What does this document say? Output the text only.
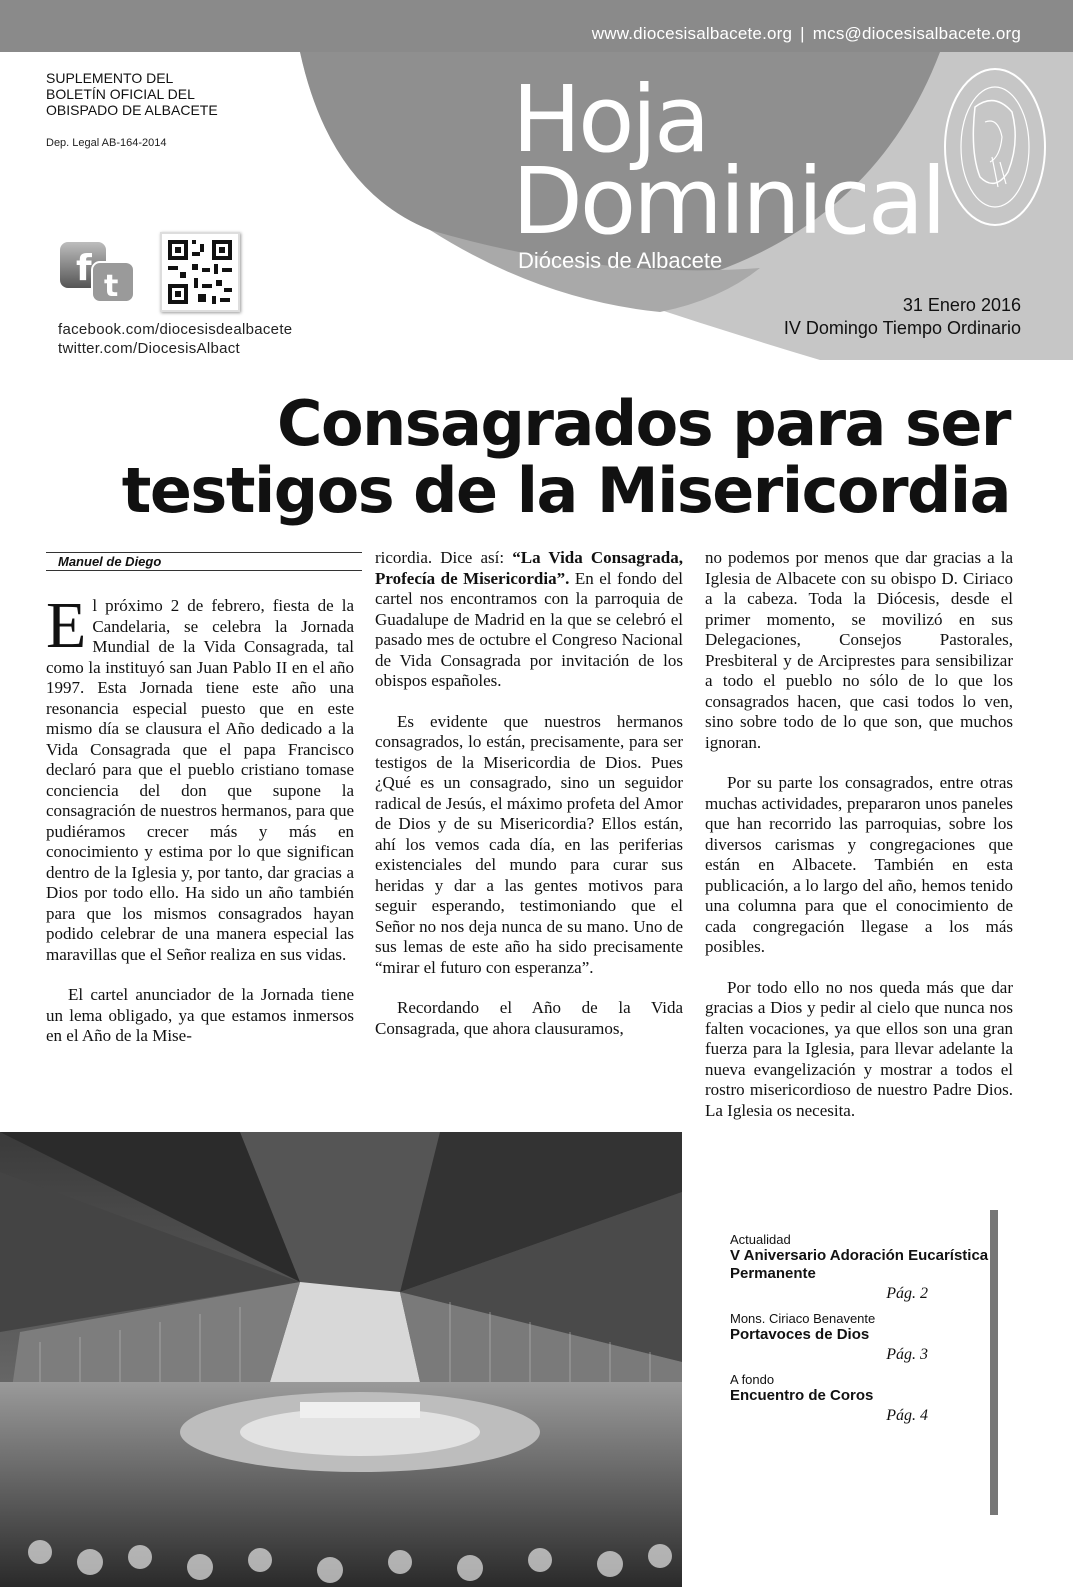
www.diocesisalbacete.org | mcs@diocesisalbacete.org
SUPLEMENTO DEL
BOLETÍN OFICIAL DEL
OBISPADO DE ALBACETE
Dep. Legal AB-164-2014	Hoja
Dominical
Diócesis de Albacete
31 Enero 2016
IV Domingo Tiempo Ordinario
f t
facebook.com/diocesisdealbacete
twitter.com/DiocesisAlbact
Consagrados para ser
testigos de la Misericordia
Manuel de Diego

El próximo 2 de febrero, fiesta de la Candelaria, se celebra la Jornada Mundial de la Vida Consagrada, tal como la instituyó san Juan Pablo II en el año 1997. Esta Jornada tiene este año una resonancia especial puesto que en este mismo día se clausura el Año dedicado a la Vida Consagrada que el papa Francisco declaró para que el pueblo cristiano tomase conciencia del don que supone la consagración de nuestros hermanos, para que pudiéramos crecer más y más en conocimiento y estima por lo que significan dentro de la Iglesia y, por tanto, dar gracias a Dios por todo ello. Ha sido un año también para que los mismos consagrados hayan podido celebrar de una manera especial las maravillas que el Señor realiza en sus vidas.

El cartel anunciador de la Jornada tiene un lema obligado, ya que estamos inmersos en el Año de la Mise-

ricordia. Dice así: “La Vida Consagrada, Profecía de Misericordia”. En el fondo del cartel nos encontramos con la parroquia de Guadalupe de Madrid en la que se celebró el pasado mes de octubre el Congreso Nacional de Vida Consagrada por invitación de los obispos españoles.

Es evidente que nuestros hermanos consagrados, lo están, precisamente, para ser testigos de la Misericordia de Dios. Pues ¿Qué es un consagrado, sino un seguidor radical de Jesús, el máximo profeta del Amor de Dios y de su Misericordia? Ellos están, ahí los vemos cada día, en las periferias existenciales del mundo para curar sus heridas y dar a las gentes motivos para seguir esperando, testimoniando que el Señor no nos deja nunca de su mano. Uno de sus lemas de este año ha sido precisamente “mirar el futuro con esperanza”.

Recordando el Año de la Vida Consagrada, que ahora clausuramos,

no podemos por menos que dar gracias a la Iglesia de Albacete con su obispo D. Ciriaco a la cabeza. Toda la Diócesis, desde el primer momento, se movilizó en sus Delegaciones, Consejos Pastorales, Presbiteral y de Arciprestes para sensibilizar a todo el pueblo no sólo de lo que los consagrados hacen, que casi todos lo ven, sino sobre todo de lo que son, que muchos ignoran.

Por su parte los consagrados, entre otras muchas actividades, prepararon unos paneles que han recorrido las parroquias, sobre los diversos carismas y congregaciones que están en Albacete. También en esta publicación, a lo largo del año, hemos tenido una columna para que el conocimiento de cada congregación llegase a los más posibles.

Por todo ello no nos queda más que dar gracias a Dios y pedir al cielo que nunca nos falten vocaciones, ya que ellos son una gran fuerza para la Iglesia, para llevar adelante la nueva evangelización y mostrar a todos el rostro misericordioso de nuestro Padre Dios. La Iglesia os necesita.

Actualidad
V Aniversario Adoración Eucarística Permanente
Pág. 2
Mons. Ciriaco Benavente
Portavoces de Dios
Pág. 3
A fondo
Encuentro de Coros
Pág. 4
